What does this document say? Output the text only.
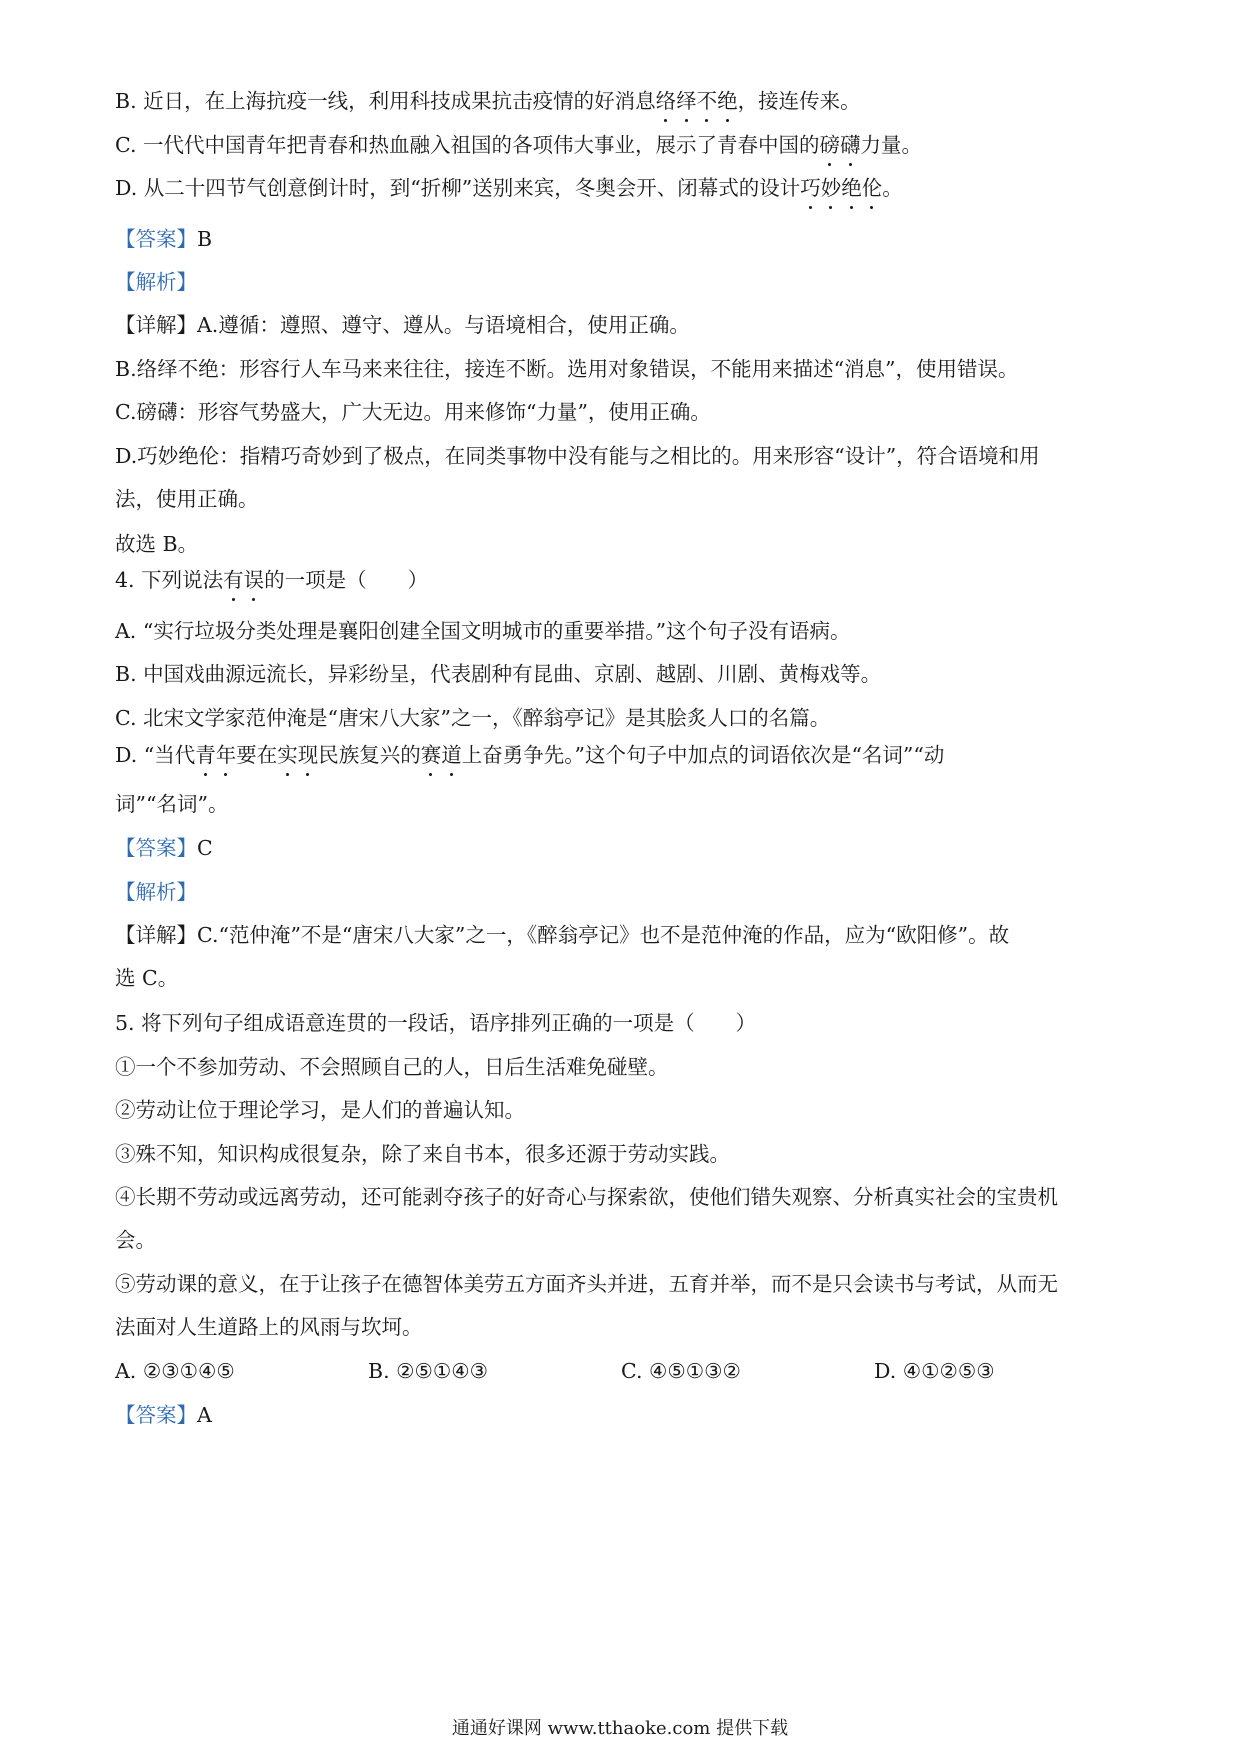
B. 近日，在上海抗疫一线，利用科技成果抗击疫情的好消息络绎不绝，接连传来。
C. 一代代中国青年把青春和热血融入祖国的各项伟大事业，展示了青春中国的磅礴力量。
D. 从二十四节气创意倒计时，到“折柳”送别来宾，冬奥会开、闭幕式的设计巧妙绝伦。
【答案】B
【解析】
【详解】A.遵循：遵照、遵守、遵从。与语境相合，使用正确。
B.络绎不绝：形容行人车马来来往往，接连不断。选用对象错误，不能用来描述“消息”，使用错误。
C.磅礴：形容气势盛大，广大无边。用来修饰“力量”，使用正确。
D.巧妙绝伦：指精巧奇妙到了极点，在同类事物中没有能与之相比的。用来形容“设计”，符合语境和用
法，使用正确。
故选 B。
4. 下列说法有误的一项是（　　）
A. “实行垃圾分类处理是襄阳创建全国文明城市的重要举措。”这个句子没有语病。
B. 中国戏曲源远流长，异彩纷呈，代表剧种有昆曲、京剧、越剧、川剧、黄梅戏等。
C. 北宋文学家范仲淹是“唐宋八大家”之一，《醉翁亭记》是其脍炙人口的名篇。
D. “当代青年要在实现民族复兴的赛道上奋勇争先。”这个句子中加点的词语依次是“名词”“动
词”“名词”。
【答案】C
【解析】
【详解】C.“范仲淹”不是“唐宋八大家”之一，《醉翁亭记》也不是范仲淹的作品，应为“欧阳修”。故
选 C。
5. 将下列句子组成语意连贯的一段话，语序排列正确的一项是（　　）
①一个不参加劳动、不会照顾自己的人，日后生活难免碰壁。
②劳动让位于理论学习，是人们的普遍认知。
③殊不知，知识构成很复杂，除了来自书本，很多还源于劳动实践。
④长期不劳动或远离劳动，还可能剥夺孩子的好奇心与探索欲，使他们错失观察、分析真实社会的宝贵机
会。
⑤劳动课的意义，在于让孩子在德智体美劳五方面齐头并进，五育并举，而不是只会读书与考试，从而无
法面对人生道路上的风雨与坎坷。
A. ②③①④⑤	B. ②⑤①④③	C. ④⑤①③②	D. ④①②⑤③
【答案】A
通通好课网 www.tthaoke.com 提供下载
